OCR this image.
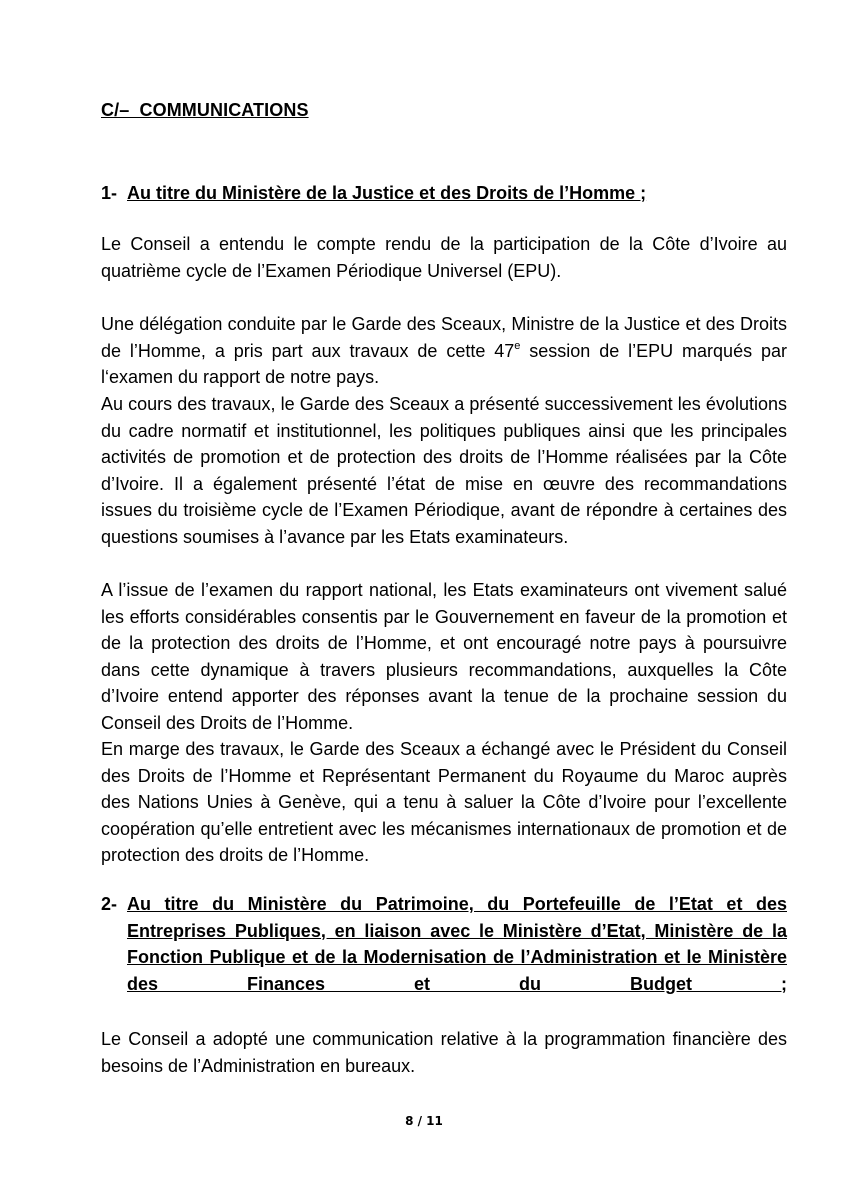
C/–  COMMUNICATIONS
1- Au titre du Ministère de la Justice et des Droits de l’Homme ;

Le Conseil a entendu le compte rendu de la participation de la Côte d’Ivoire au quatrième cycle de l’Examen Périodique Universel (EPU).

Une délégation conduite par le Garde des Sceaux, Ministre de la Justice et des Droits de l’Homme, a pris part aux travaux de cette 47e session de l’EPU marqués par l‘examen du rapport de notre pays.

Au cours des travaux, le Garde des Sceaux a présenté successivement les évolutions du cadre normatif et institutionnel, les politiques publiques ainsi que les principales activités de promotion et de protection des droits de l’Homme réalisées par la Côte d’Ivoire. Il a également présenté l’état de mise en œuvre des recommandations issues du troisième cycle de l’Examen Périodique, avant de répondre à certaines des questions soumises à l’avance par les Etats examinateurs.

A l’issue de l’examen du rapport national, les Etats examinateurs ont vivement salué les efforts considérables consentis par le Gouvernement en faveur de la promotion et de la protection des droits de l’Homme, et ont encouragé notre pays à poursuivre dans cette dynamique à travers plusieurs recommandations, auxquelles la Côte d’Ivoire entend apporter des réponses avant la tenue de la prochaine session du Conseil des Droits de l’Homme.

En marge des travaux, le Garde des Sceaux a échangé avec le Président du Conseil des Droits de l’Homme et Représentant Permanent du Royaume du Maroc auprès des Nations Unies à Genève, qui a tenu à saluer la Côte d’Ivoire pour l’excellente coopération qu’elle entretient avec les mécanismes internationaux de promotion et de protection des droits de l’Homme.

2- Au titre du Ministère du Patrimoine, du Portefeuille de l’Etat et des Entreprises Publiques, en liaison avec le Ministère d’Etat, Ministère de la Fonction Publique et de la Modernisation de l’Administration et le Ministère des Finances et du Budget ;

Le Conseil a adopté une communication relative à la programmation financière des besoins de l’Administration en bureaux.

8 / 11
